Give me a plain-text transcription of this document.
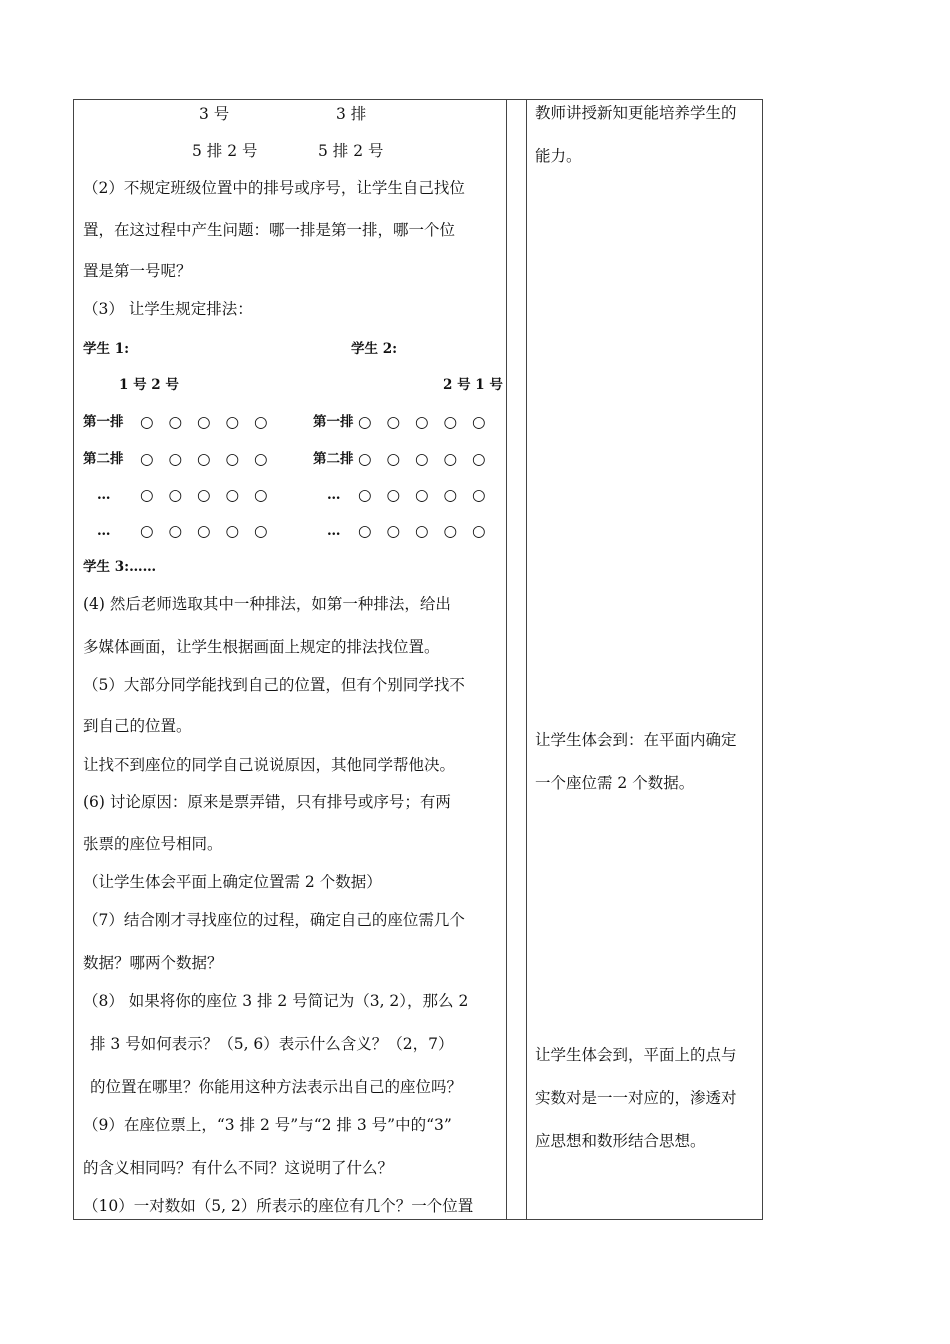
3 号	3 排
5 排 2 号	5 排 2 号
（2）不规定班级位置中的排号或序号，让学生自己找位
置，在这过程中产生问题：哪一排是第一排，哪一个位
置是第一号呢？
（3） 让学生规定排法：
学生 1:	学生 2:
1 号 2 号	2 号 1 号
第一排 ○ ○ ○ ○ ○	第一排 ○ ○ ○ ○ ○
第二排 ○ ○ ○ ○ ○	第二排 ○ ○ ○ ○ ○
… ○ ○ ○ ○ ○	… ○ ○ ○ ○ ○
… ○ ○ ○ ○ ○	… ○ ○ ○ ○ ○
学生 3:……
(4) 然后老师选取其中一种排法，如第一种排法，给出
多媒体画面，让学生根据画面上规定的排法找位置。
（5）大部分同学能找到自己的位置，但有个别同学找不
到自己的位置。
让找不到座位的同学自己说说原因，其他同学帮他决。
(6) 讨论原因：原来是票弄错，只有排号或序号；有两
张票的座位号相同。
（让学生体会平面上确定位置需 2 个数据）
（7）结合刚才寻找座位的过程，确定自己的座位需几个
数据？哪两个数据？
（8） 如果将你的座位 3 排 2 号简记为（3, 2），那么 2
排 3 号如何表示？（5, 6）表示什么含义？（2，7）
的位置在哪里？你能用这种方法表示出自己的座位吗？
（9）在座位票上，“3 排 2 号”与“2 排 3 号”中的“3”
的含义相同吗？有什么不同？这说明了什么？
（10）一对数如（5, 2）所表示的座位有几个？一个位置
教师讲授新知更能培养学生的
能力。
让学生体会到：在平面内确定
一个座位需 2 个数据。
让学生体会到，平面上的点与
实数对是一一对应的，渗透对
应思想和数形结合思想。
